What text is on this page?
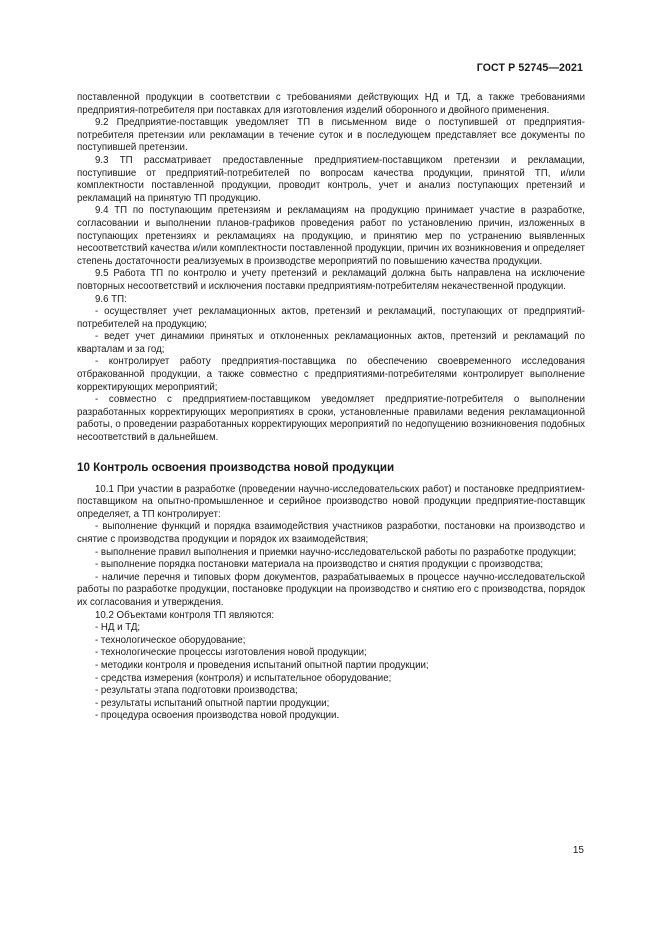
ГОСТ Р 52745—2021

поставленной продукции в соответствии с требованиями действующих НД и ТД, а также требованиями предприятия-потребителя при поставках для изготовления изделий оборонного и двойного применения.

9.2 Предприятие-поставщик уведомляет ТП в письменном виде о поступившей от предприятия-потребителя претензии или рекламации в течение суток и в последующем представляет все документы по поступившей претензии.

9.3 ТП рассматривает предоставленные предприятием-поставщиком претензии и рекламации, поступившие от предприятий-потребителей по вопросам качества продукции, принятой ТП, и/или комплектности поставленной продукции, проводит контроль, учет и анализ поступающих претензий и рекламаций на принятую ТП продукцию.

9.4 ТП по поступающим претензиям и рекламациям на продукцию принимает участие в разработке, согласовании и выполнении планов-графиков проведения работ по установлению причин, изложенных в поступающих претензиях и рекламациях на продукцию, и принятию мер по устранению выявленных несоответствий качества и/или комплектности поставленной продукции, причин их возникновения и определяет степень достаточности реализуемых в производстве мероприятий по повышению качества продукции.

9.5 Работа ТП по контролю и учету претензий и рекламаций должна быть направлена на исключение повторных несоответствий и исключения поставки предприятиям-потребителям некачественной продукции.

9.6 ТП:

- осуществляет учет рекламационных актов, претензий и рекламаций, поступающих от предприятий-потребителей на продукцию;

- ведет учет динамики принятых и отклоненных рекламационных актов, претензий и рекламаций по кварталам и за год;

- контролирует работу предприятия-поставщика по обеспечению своевременного исследования отбракованной продукции, а также совместно с предприятиями-потребителями контролирует выполнение корректирующих мероприятий;

- совместно с предприятием-поставщиком уведомляет предприятие-потребителя о выполнении разработанных корректирующих мероприятиях в сроки, установленные правилами ведения рекламационной работы, о проведении разработанных корректирующих мероприятий по недопущению возникновения подобных несоответствий в дальнейшем.

10 Контроль освоения производства новой продукции

10.1 При участии в разработке (проведении научно-исследовательских работ) и постановке предприятием-поставщиком на опытно-промышленное и серийное производство новой продукции предприятие-поставщик определяет, а ТП контролирует:

- выполнение функций и порядка взаимодействия участников разработки, постановки на производство и снятие с производства продукции и порядок их взаимодействия;

- выполнение правил выполнения и приемки научно-исследовательской работы по разработке продукции;

- выполнение порядка постановки материала на производство и снятия продукции с производства;

- наличие перечня и типовых форм документов, разрабатываемых в процессе научно-исследовательской работы по разработке продукции, постановке продукции на производство и снятию его с производства, порядок их согласования и утверждения.

10.2 Объектами контроля ТП являются:

- НД и ТД;

- технологическое оборудование;

- технологические процессы изготовления новой продукции;

- методики контроля и проведения испытаний опытной партии продукции;

- средства измерения (контроля) и испытательное оборудование;

- результаты этапа подготовки производства;

- результаты испытаний опытной партии продукции;

- процедура освоения производства новой продукции.

15
